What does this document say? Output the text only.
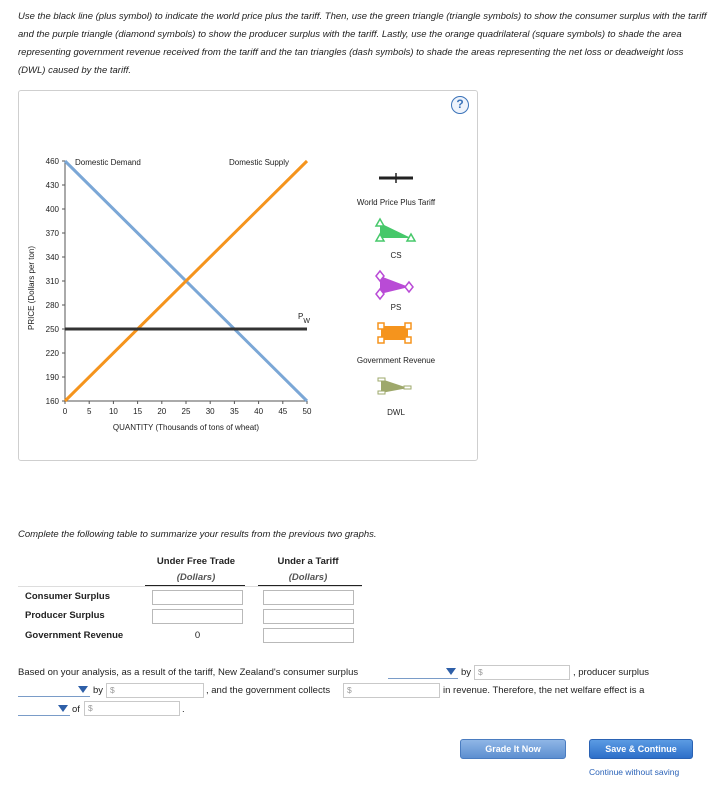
Use the black line (plus symbol) to indicate the world price plus the tariff. Then, use the green triangle (triangle symbols) to show the consumer surplus with the tariff and the purple triangle (diamond symbols) to show the producer surplus with the tariff. Lastly, use the orange quadrilateral (square symbols) to shade the area representing government revenue received from the tariff and the tan triangles (dash symbols) to shade the areas representing the net loss or deadweight loss (DWL) caused by the tariff.
?
460
430
400
370
340
310
280
250
220
190
160
0 5 10 15 20 25 30 35 40 45 50
Domestic Demand	Domestic Supply
PW
PRICE (Dollars per ton)
QUANTITY (Thousands of tons of wheat)
World Price Plus Tariff
CS
PS
Government Revenue
DWL
Complete the following table to summarize your results from the previous two graphs.
Under Free Trade
(Dollars)
Under a Tariff
(Dollars)
Consumer Surplus
Producer Surplus
Government Revenue	0
Based on your analysis, as a result of the tariff, New Zealand's consumer surplus	by $	, producer surplus
by $	, and the government collects	$	in revenue. Therefore, the net welfare effect is a
of $	.
Grade It Now	Save & Continue
Continue without saving
